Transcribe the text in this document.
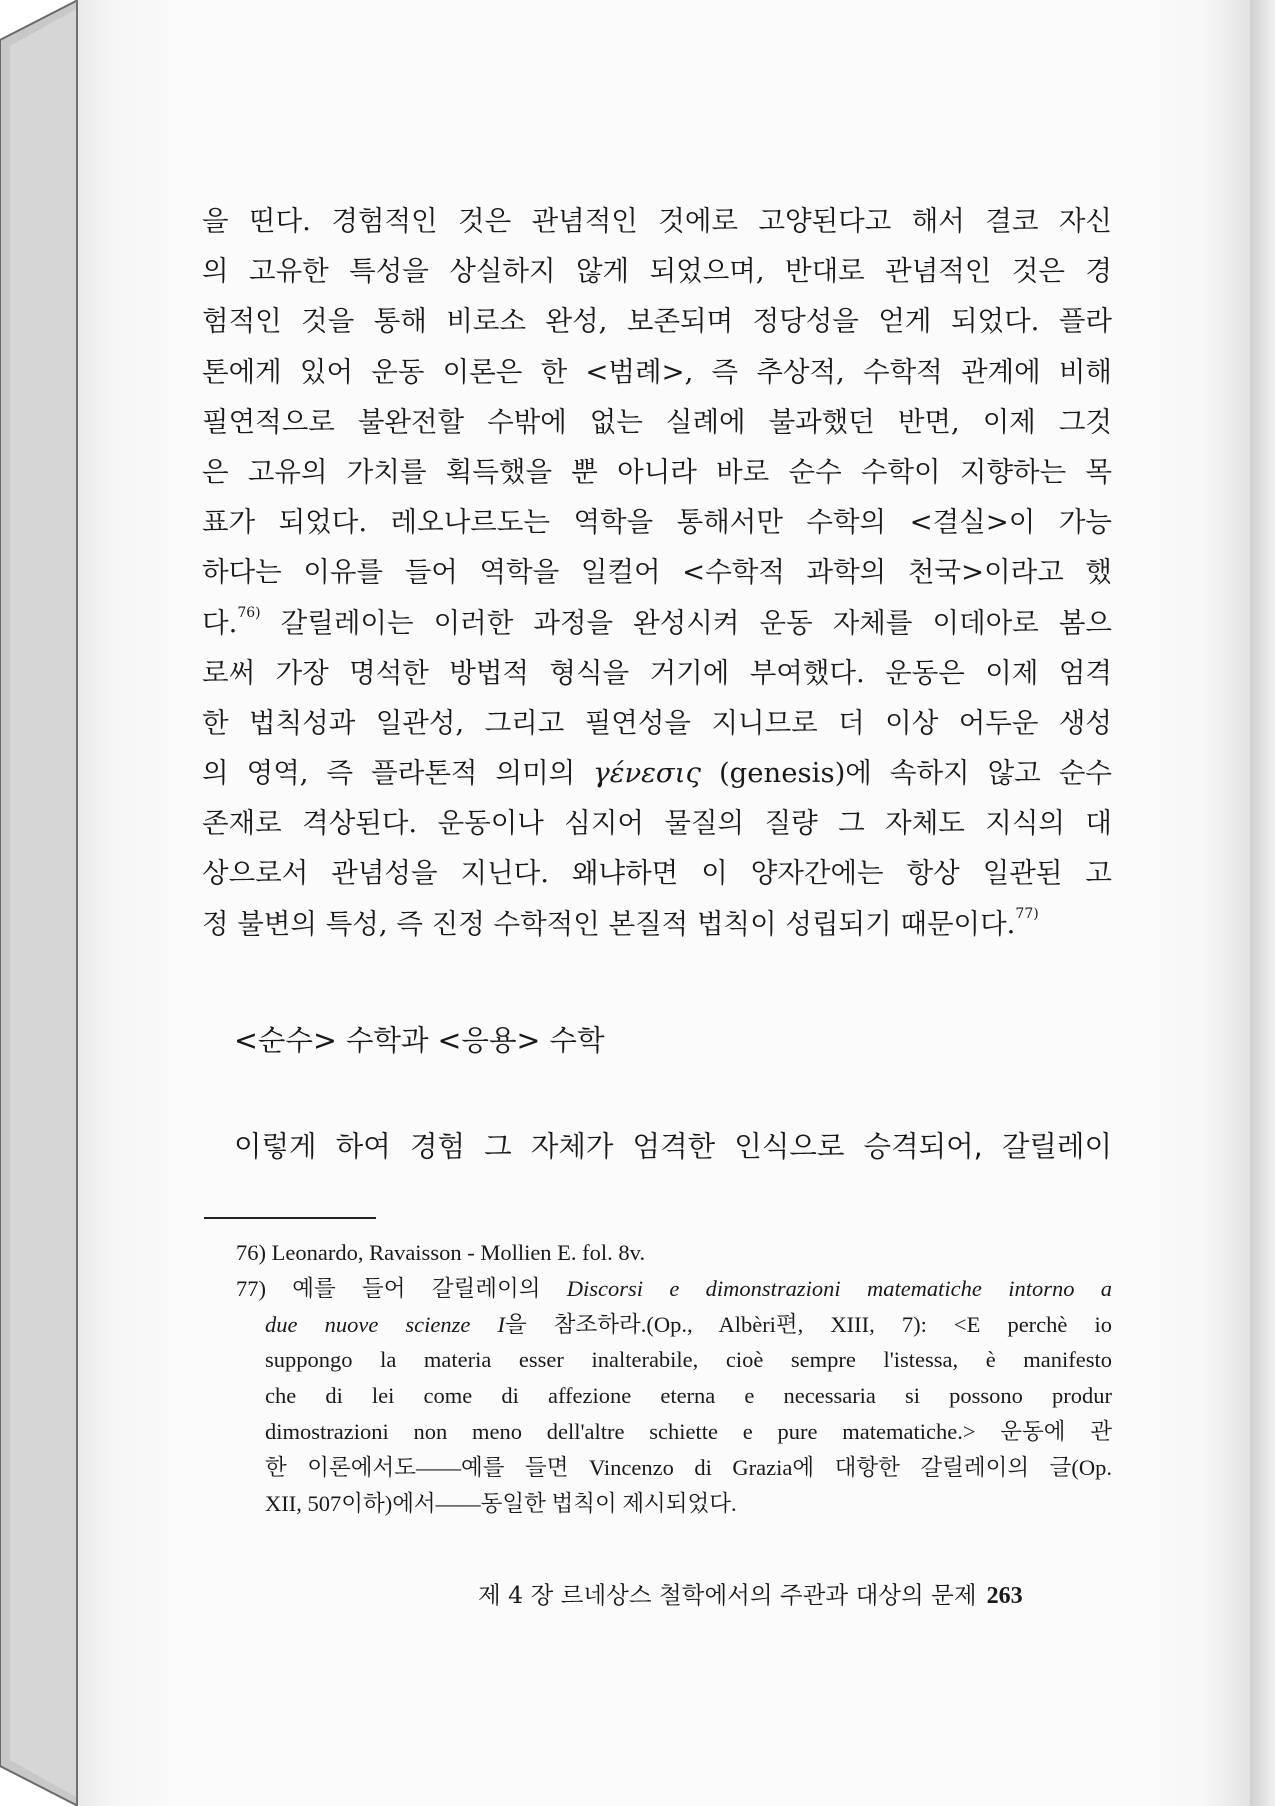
을 띤다. 경험적인 것은 관념적인 것에로 고양된다고 해서 결코 자신
의 고유한 특성을 상실하지 않게 되었으며, 반대로 관념적인 것은 경
험적인 것을 통해 비로소 완성, 보존되며 정당성을 얻게 되었다. 플라
톤에게 있어 운동 이론은 한 <범례>, 즉 추상적, 수학적 관계에 비해
필연적으로 불완전할 수밖에 없는 실례에 불과했던 반면, 이제 그것
은 고유의 가치를 획득했을 뿐 아니라 바로 순수 수학이 지향하는 목
표가 되었다. 레오나르도는 역학을 통해서만 수학의 <결실>이 가능
하다는 이유를 들어 역학을 일컬어 <수학적 과학의 천국>이라고 했
다.$^{76)}$ 갈릴레이는 이러한 과정을 완성시켜 운동 자체를 이데아로 봄으
로써 가장 명석한 방법적 형식을 거기에 부여했다. 운동은 이제 엄격
한 법칙성과 일관성, 그리고 필연성을 지니므로 더 이상 어두운 생성
의 영역, 즉 플라톤적 의미의 γένεσις (genesis)에 속하지 않고 순수
존재로 격상된다. 운동이나 심지어 물질의 질량 그 자체도 지식의 대
상으로서 관념성을 지닌다. 왜냐하면 이 양자간에는 항상 일관된 고
정 불변의 특성, 즉 진정 수학적인 본질적 법칙이 성립되기 때문이다.$^{77)}$
<순수> 수학과 <응용> 수학
이렇게 하여 경험 그 자체가 엄격한 인식으로 승격되어, 갈릴레이
76) Leonardo, Ravaisson - Mollien E. fol. 8v.
77) 예를 들어 갈릴레이의 Discorsi e dimonstrazioni matematiche intorno a
due nuove scienze I을 참조하라.(Op., Albèri편, XIII, 7): <E perchè io
suppongo la materia esser inalterabile, cioè sempre l'istessa, è manifesto
che di lei come di affezione eterna e necessaria si possono produr
dimostrazioni non meno dell'altre schiette e pure matematiche.> 운동에 관
한 이론에서도――예를 들면 Vincenzo di Grazia에 대항한 갈릴레이의 글(Op.
XII, 507이하)에서――동일한 법칙이 제시되었다.
제 4 장 르네상스 철학에서의 주관과 대상의 문제 263
